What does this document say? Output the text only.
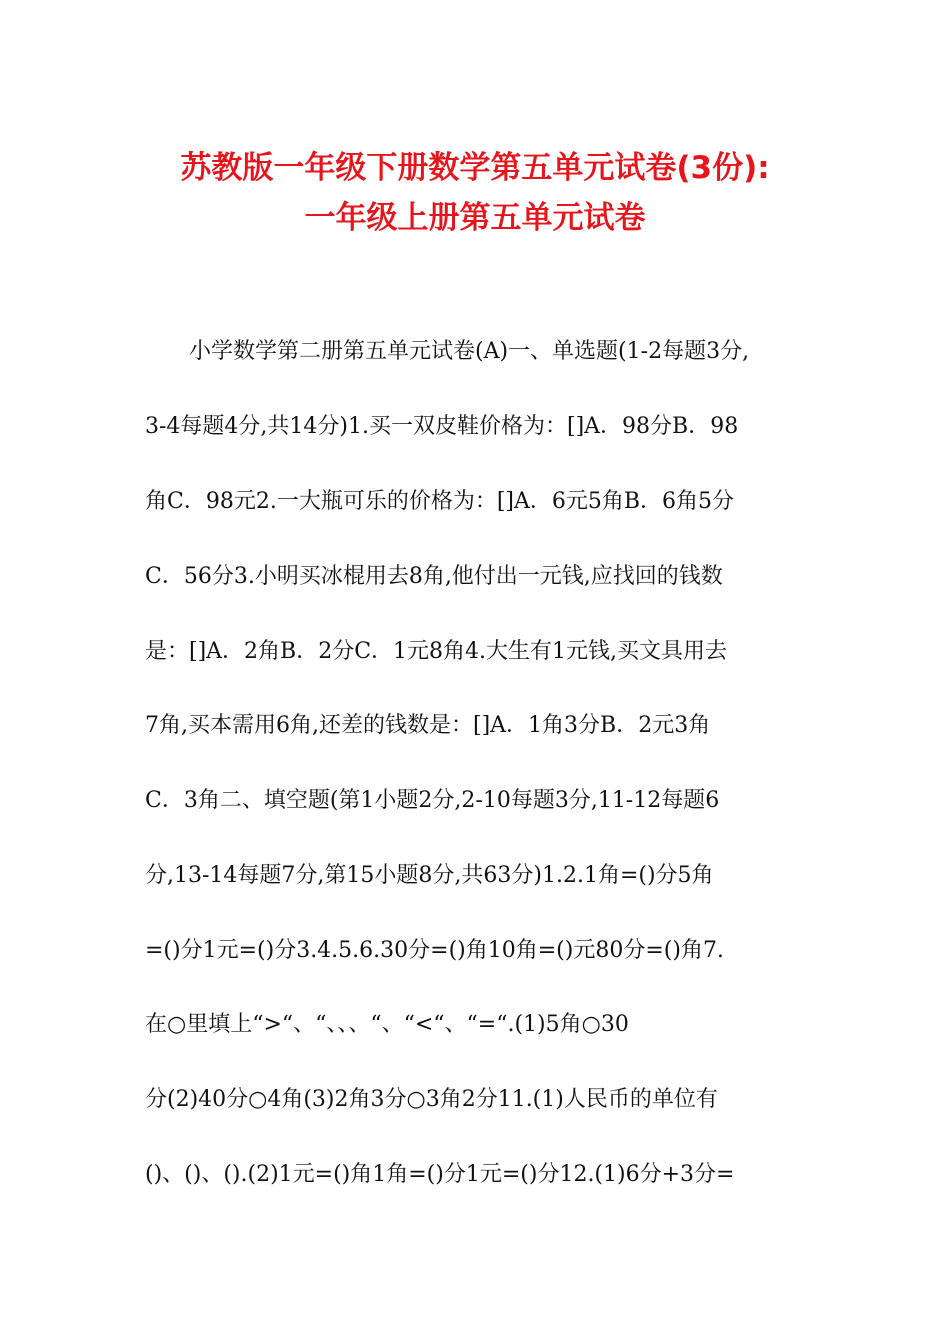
苏教版一年级下册数学第五单元试卷(3份):
一年级上册第五单元试卷
小学数学第二册第五单元试卷(A)一、单选题(1-2每题3分,
3-4每题4分,共14分)1.买一双皮鞋价格为：[]A．98分B．98
角C．98元2.一大瓶可乐的价格为：[]A．6元5角B．6角5分
C．56分3.小明买冰棍用去8角,他付出一元钱,应找回的钱数
是：[]A．2角B．2分C．1元8角4.大生有1元钱,买文具用去
7角,买本需用6角,还差的钱数是：[]A．1角3分B．2元3角
C．3角二、填空题(第1小题2分,2-10每题3分,11-12每题6
分,13-14每题7分,第15小题8分,共63分)1.2.1角=()分5角
=()分1元=()分3.4.5.6.30分=()角10角=()元80分=()角7.
在○里填上“>“、“、、、“、“<“、“=“.(1)5角○30
分(2)40分○4角(3)2角3分○3角2分11.(1)人民币的单位有
()、()、().(2)1元=()角1角=()分1元=()分12.(1)6分+3分=
